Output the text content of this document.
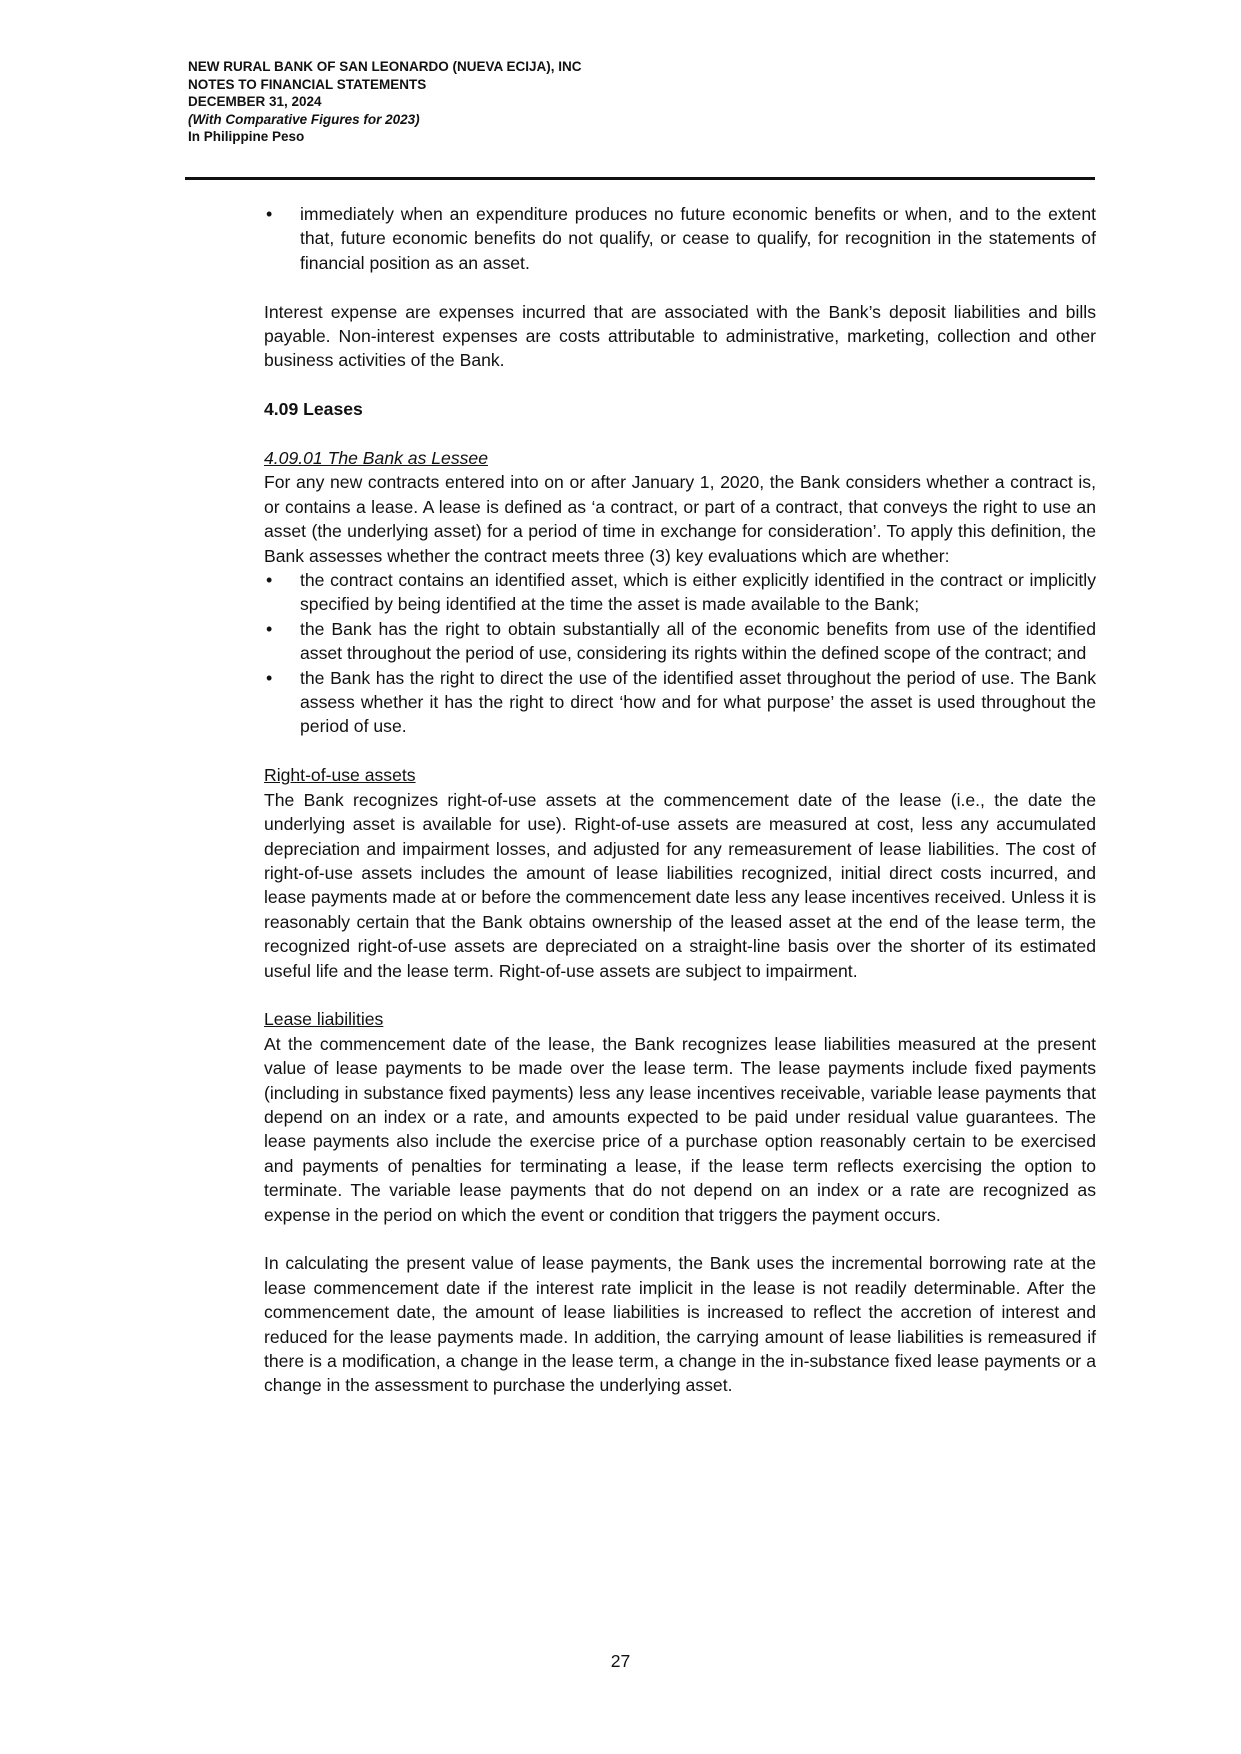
NEW RURAL BANK OF SAN LEONARDO (NUEVA ECIJA), INC
NOTES TO FINANCIAL STATEMENTS
DECEMBER 31, 2024
(With Comparative Figures for 2023)
In Philippine Peso
• immediately when an expenditure produces no future economic benefits or when, and to the extent that, future economic benefits do not qualify, or cease to qualify, for recognition in the statements of financial position as an asset.

Interest expense are expenses incurred that are associated with the Bank’s deposit liabilities and bills payable. Non-interest expenses are costs attributable to administrative, marketing, collection and other business activities of the Bank.

4.09 Leases

4.09.01 The Bank as Lessee

For any new contracts entered into on or after January 1, 2020, the Bank considers whether a contract is, or contains a lease. A lease is defined as ‘a contract, or part of a contract, that conveys the right to use an asset (the underlying asset) for a period of time in exchange for consideration’. To apply this definition, the Bank assesses whether the contract meets three (3) key evaluations which are whether:

• the contract contains an identified asset, which is either explicitly identified in the contract or implicitly specified by being identified at the time the asset is made available to the Bank;
• the Bank has the right to obtain substantially all of the economic benefits from use of the identified asset throughout the period of use, considering its rights within the defined scope of the contract; and
• the Bank has the right to direct the use of the identified asset throughout the period of use. The Bank assess whether it has the right to direct ‘how and for what purpose’ the asset is used throughout the period of use.

Right-of-use assets

The Bank recognizes right-of-use assets at the commencement date of the lease (i.e., the date the underlying asset is available for use). Right-of-use assets are measured at cost, less any accumulated depreciation and impairment losses, and adjusted for any remeasurement of lease liabilities. The cost of right-of-use assets includes the amount of lease liabilities recognized, initial direct costs incurred, and lease payments made at or before the commencement date less any lease incentives received. Unless it is reasonably certain that the Bank obtains ownership of the leased asset at the end of the lease term, the recognized right-of-use assets are depreciated on a straight-line basis over the shorter of its estimated useful life and the lease term. Right-of-use assets are subject to impairment.

Lease liabilities

At the commencement date of the lease, the Bank recognizes lease liabilities measured at the present value of lease payments to be made over the lease term. The lease payments include fixed payments (including in substance fixed payments) less any lease incentives receivable, variable lease payments that depend on an index or a rate, and amounts expected to be paid under residual value guarantees. The lease payments also include the exercise price of a purchase option reasonably certain to be exercised and payments of penalties for terminating a lease, if the lease term reflects exercising the option to terminate. The variable lease payments that do not depend on an index or a rate are recognized as expense in the period on which the event or condition that triggers the payment occurs.

In calculating the present value of lease payments, the Bank uses the incremental borrowing rate at the lease commencement date if the interest rate implicit in the lease is not readily determinable. After the commencement date, the amount of lease liabilities is increased to reflect the accretion of interest and reduced for the lease payments made. In addition, the carrying amount of lease liabilities is remeasured if there is a modification, a change in the lease term, a change in the in-substance fixed lease payments or a change in the assessment to purchase the underlying asset.

27
